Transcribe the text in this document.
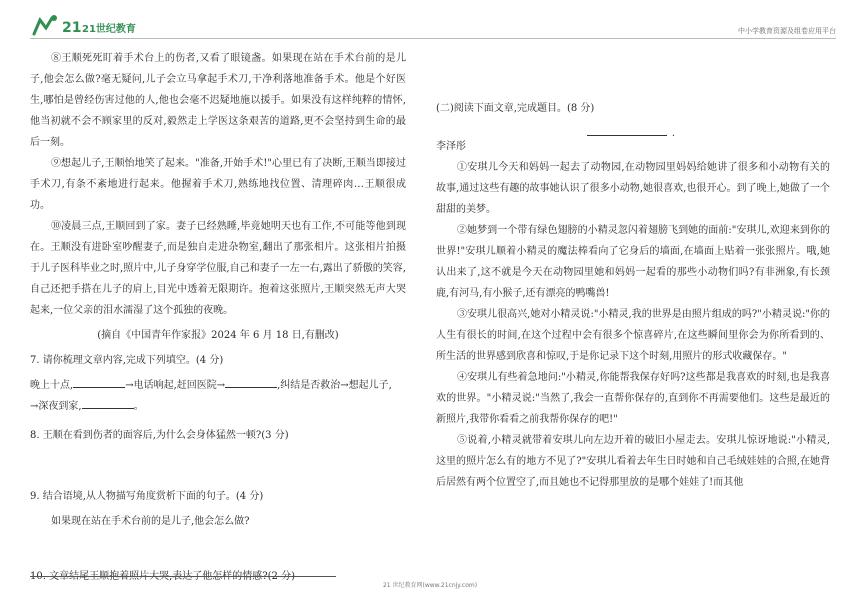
21 21世纪教育	中小学教育资源及组卷应用平台

⑧王顺死死盯着手术台上的伤者,又看了眼镜盏。如果现在站在手术台前的是儿子,他会怎么做?毫无疑问,儿子会立马拿起手术刀,干净利落地准备手术。他是个好医生,哪怕是曾经伤害过他的人,他也会毫不迟疑地施以援手。如果没有这样纯粹的情怀,他当初就不会不顾家里的反对,毅然走上学医这条艰苦的道路,更不会坚持到生命的最后一刻。

⑨想起儿子,王顺怡地笑了起来。"准备,开始手术!"心里已有了决断,王顺当即接过手术刀,有条不紊地进行起来。他握着手术刀,熟练地找位置、清理碎肉…王顺很成功。

⑩凌晨三点,王顺回到了家。妻子已经熟睡,毕竟她明天也有工作,不可能等他到现在。王顺没有进卧室吵醒妻子,而是独自走进杂物室,翻出了那张相片。这张相片拍摄于儿子医科毕业之时,照片中,儿子身穿学位服,自己和妻子一左一右,露出了骄傲的笑容,自己还把手搭在儿子的肩上,目光中透着无限期许。抱着这张照片,王顺突然无声大哭起来,一位父亲的泪水濡湿了这个孤独的夜晚。

(摘自《中国青年作家报》2024 年 6 月 18 日,有删改)

7. 请你梳理文章内容,完成下列填空。(4 分)

晚上十点,	→电话响起,赶回医院→	,纠结是否救治→想起儿子,

→深夜到家,	。

8. 王顺在看到伤者的面容后,为什么会身体猛然一顿?(3 分)

9. 结合语境,从人物描写角度赏析下面的句子。(4 分)

如果现在站在手术台前的是儿子,他会怎么做?

10. 文章结尾王顺抱着照片大哭,表达了他怎样的情感?(2 分)

(二)阅读下面文章,完成题目。(8 分)

.

李泽彤

①安琪儿今天和妈妈一起去了动物园,在动物园里妈妈给她讲了很多和小动物有关的故事,通过这些有趣的故事她认识了很多小动物,她很喜欢,也很开心。到了晚上,她做了一个甜甜的美梦。

②她梦到一个带有绿色翅膀的小精灵忽闪着翅膀飞到她的面前:"安琪儿,欢迎来到你的世界!"安琪儿顺着小精灵的魔法棒看向了它身后的墙面,在墙面上贴着一张张照片。哦,她认出来了,这不就是今天在动物园里她和妈妈一起看的那些小动物们吗?有非洲象,有长颈鹿,有河马,有小猴子,还有漂亮的鸭嘴兽!

③安琪儿很高兴,她对小精灵说:"小精灵,我的世界是由照片组成的吗?"小精灵说:"你的人生有很长的时间,在这个过程中会有很多个惊喜碎片,在这些瞬间里你会为你所看到的、所生活的世界感到欣喜和惊叹,于是你记录下这个时刻,用照片的形式收藏保存。"

④安琪儿有些着急地问:"小精灵,你能帮我保存好吗?这些都是我喜欢的时刻,也是我喜欢的世界。"小精灵说:"当然了,我会一直帮你保存的,直到你不再需要他们。这些是最近的新照片,我带你看看之前我帮你保存的吧!"

⑤说着,小精灵就带着安琪儿向左边开着的破旧小屋走去。安琪儿惊讶地说:"小精灵,这里的照片怎么有的地方不见了?"安琪儿看着去年生日时她和自己毛绒娃娃的合照,在她背后居然有两个位置空了,而且她也不记得那里放的是哪个娃娃了!而其他

21 世纪教育网(www.21cnjy.com)
